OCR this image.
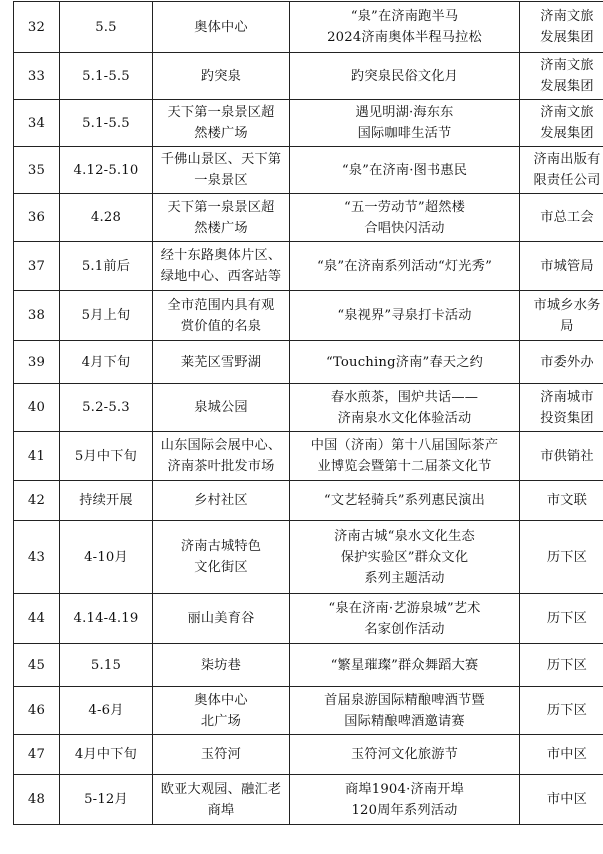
32	5.5	奥体中心	“泉”在济南跑半马
2024济南奥体半程马拉松	济南文旅
发展集团

33	5.1-5.5	趵突泉	趵突泉民俗文化月	济南文旅
发展集团

34	5.1-5.5	天下第一泉景区超
然楼广场	遇见明湖·海东东
国际咖啡生活节	济南文旅
发展集团

35	4.12-5.10	千佛山景区、天下第
一泉景区	“泉”在济南·图书惠民	济南出版有
限责任公司

36	4.28	天下第一泉景区超
然楼广场	“五一劳动节”超然楼
合唱快闪活动	市总工会

37	5.1前后	经十东路奥体片区、
绿地中心、西客站等	“泉”在济南系列活动“灯光秀”	市城管局

38	5月上旬	全市范围内具有观
赏价值的名泉	“泉视界”寻泉打卡活动	市城乡水务
局

39	4月下旬	莱芜区雪野湖	“Touching济南”春天之约	市委外办

40	5.2-5.3	泉城公园	春水煎茶，围炉共话——
济南泉水文化体验活动	济南城市
投资集团

41	5月中下旬	山东国际会展中心、
济南茶叶批发市场	中国（济南）第十八届国际茶产
业博览会暨第十二届茶文化节	市供销社

42	持续开展	乡村社区	“文艺轻骑兵”系列惠民演出	市文联

43	4-10月	济南古城特色
文化街区	济南古城“泉水文化生态
保护实验区”群众文化
系列主题活动	历下区

44	4.14-4.19	丽山美育谷	“泉在济南·艺游泉城”艺术
名家创作活动	历下区

45	5.15	柒坊巷	“繁星璀璨”群众舞蹈大赛	历下区

46	4-6月	奥体中心
北广场	首届泉游国际精酿啤酒节暨
国际精酿啤酒邀请赛	历下区

47	4月中下旬	玉符河	玉符河文化旅游节	市中区

48	5-12月	欧亚大观园、融汇老
商埠	商埠1904·济南开埠
120周年系列活动	市中区
